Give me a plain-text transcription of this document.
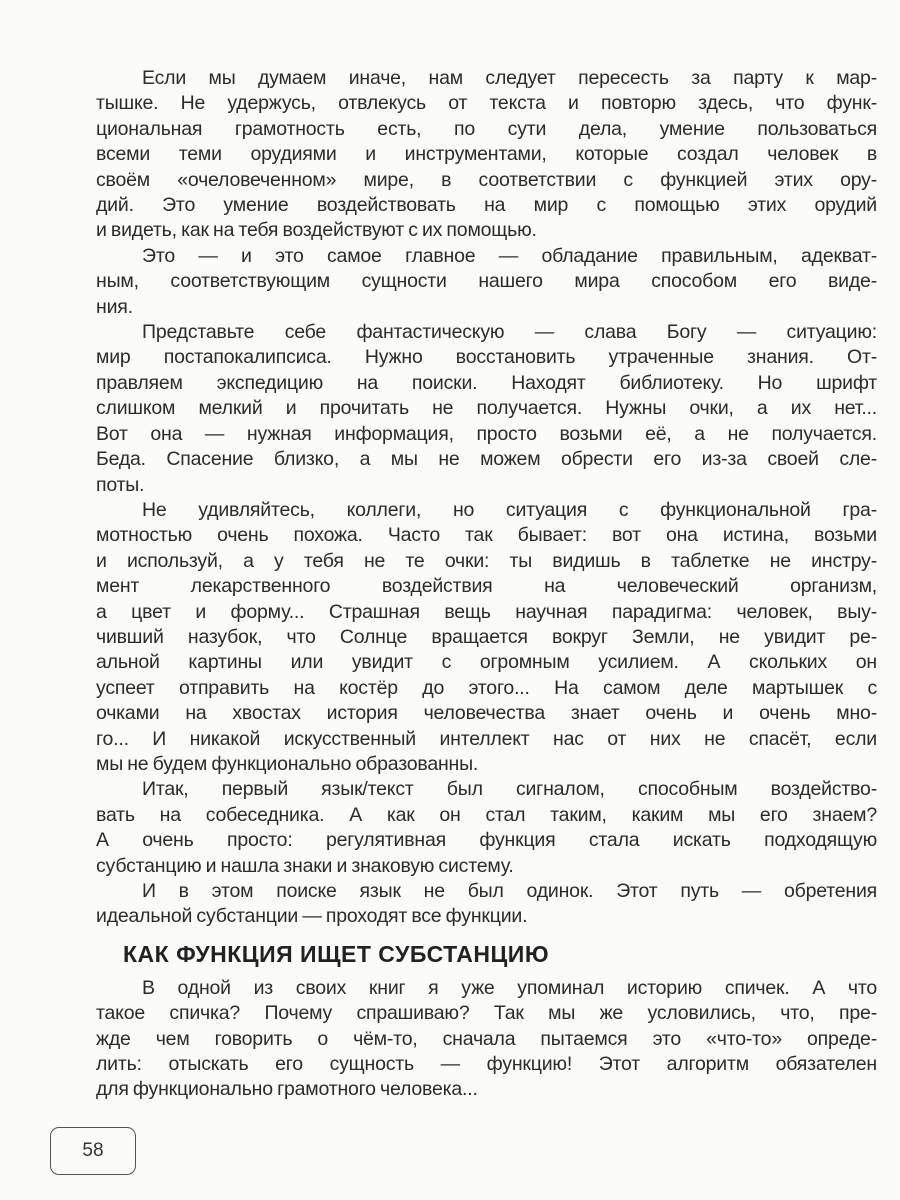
Если мы думаем иначе, нам следует пересесть за парту к мар-
тышке. Не удержусь, отвлекусь от текста и повторю здесь, что функ-
циональная грамотность есть, по сути дела, умение пользоваться
всеми теми орудиями и инструментами, которые создал человек в
своём «очеловеченном» мире, в соответствии с функцией этих ору-
дий. Это умение воздействовать на мир с помощью этих орудий
и видеть, как на тебя воздействуют с их помощью.
Это — и это самое главное — обладание правильным, адекват-
ным, соответствующим сущности нашего мира способом его виде-
ния.
Представьте себе фантастическую — слава Богу — ситуацию:
мир постапокалипсиса. Нужно восстановить утраченные знания. От-
правляем экспедицию на поиски. Находят библиотеку. Но шрифт
слишком мелкий и прочитать не получается. Нужны очки, а их нет...
Вот она — нужная информация, просто возьми её, а не получается.
Беда. Спасение близко, а мы не можем обрести его из-за своей сле-
поты.
Не удивляйтесь, коллеги, но ситуация с функциональной гра-
мотностью очень похожа. Часто так бывает: вот она истина, возьми
и используй, а у тебя не те очки: ты видишь в таблетке не инстру-
мент лекарственного воздействия на человеческий организм,
а цвет и форму... Страшная вещь научная парадигма: человек, выу-
чивший назубок, что Солнце вращается вокруг Земли, не увидит ре-
альной картины или увидит с огромным усилием. А скольких он
успеет отправить на костёр до этого... На самом деле мартышек с
очками на хвостах история человечества знает очень и очень мно-
го... И никакой искусственный интеллект нас от них не спасёт, если
мы не будем функционально образованны.
Итак, первый язык/текст был сигналом, способным воздейство-
вать на собеседника. А как он стал таким, каким мы его знаем?
А очень просто: регулятивная функция стала искать подходящую
субстанцию и нашла знаки и знаковую систему.
И в этом поиске язык не был одинок. Этот путь — обретения
идеальной субстанции — проходят все функции.
КАК ФУНКЦИЯ ИЩЕТ СУБСТАНЦИЮ
В одной из своих книг я уже упоминал историю спичек. А что
такое спичка? Почему спрашиваю? Так мы же условились, что, пре-
жде чем говорить о чём-то, сначала пытаемся это «что-то» опреде-
лить: отыскать его сущность — функцию! Этот алгоритм обязателен
для функционально грамотного человека...
58
